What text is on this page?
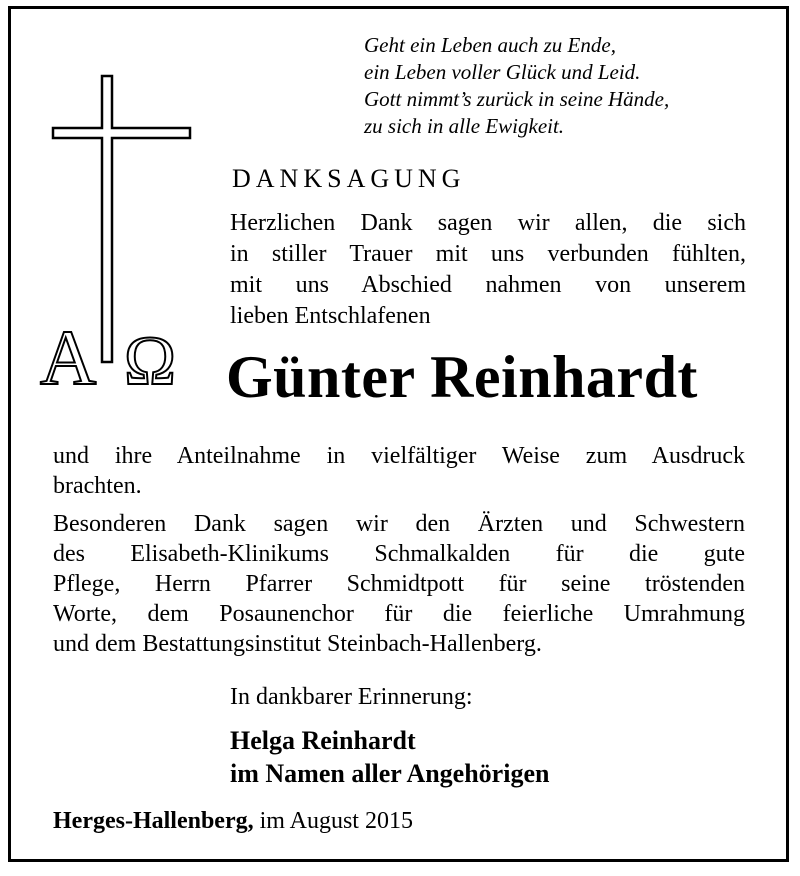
Geht ein Leben auch zu Ende,
ein Leben voller Glück und Leid.
Gott nimmt’s zurück in seine Hände,
zu sich in alle Ewigkeit.
A Ω
DANKSAGUNG
Herzlichen Dank sagen wir allen, die sich
in stiller Trauer mit uns verbunden fühlten,
mit uns Abschied nahmen von unserem
lieben Entschlafenen
Günter Reinhardt
und ihre Anteilnahme in vielfältiger Weise zum Ausdruck
brachten.
Besonderen Dank sagen wir den Ärzten und Schwestern
des Elisabeth-Klinikums Schmalkalden für die gute
Pflege, Herrn Pfarrer Schmidtpott für seine tröstenden
Worte, dem Posaunenchor für die feierliche Umrahmung
und dem Bestattungsinstitut Steinbach-Hallenberg.
In dankbarer Erinnerung:
Helga Reinhardt
im Namen aller Angehörigen
Herges-Hallenberg, im August 2015
